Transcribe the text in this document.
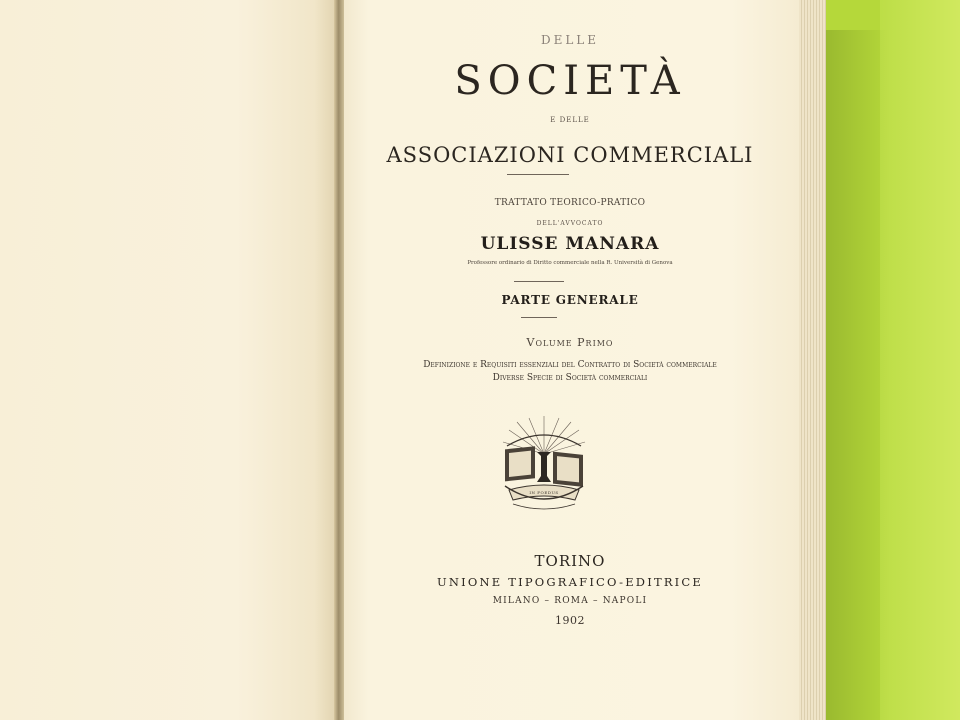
DELLE
SOCIETÀ
E DELLE
ASSOCIAZIONI COMMERCIALI
TRATTATO TEORICO-PRATICO
DELL'AVVOCATO
ULISSE MANARA
Professore ordinario di Diritto commerciale nella R. Università di Genova
PARTE GENERALE
Volume Primo
Definizione e Requisiti essenziali del Contratto di Società commerciale
Diverse Specie di Società commerciali
IN FOEDUS
TORINO
UNIONE TIPOGRAFICO-EDITRICE
MILANO – ROMA – NAPOLI
1902
